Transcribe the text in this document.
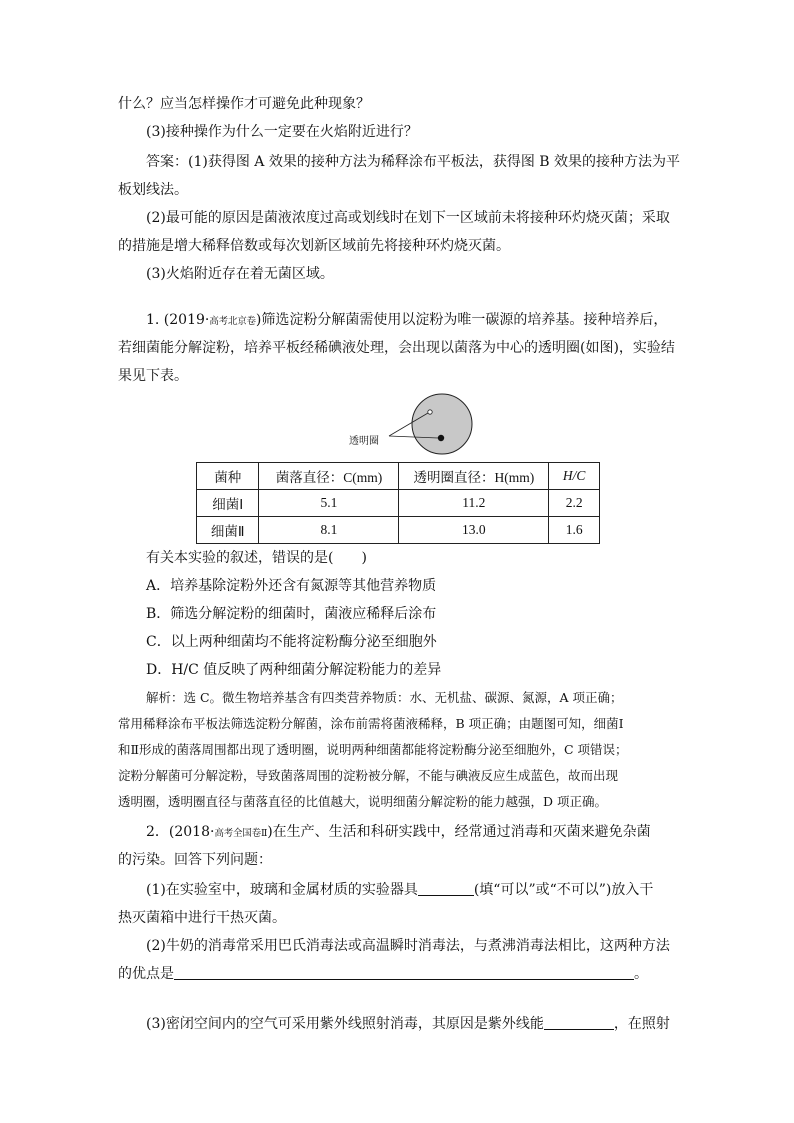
什么？应当怎样操作才可避免此种现象？
(3)接种操作为什么一定要在火焰附近进行？
答案：(1)获得图 A 效果的接种方法为稀释涂布平板法，获得图 B 效果的接种方法为平
板划线法。
(2)最可能的原因是菌液浓度过高或划线时在划下一区域前未将接种环灼烧灭菌；采取
的措施是增大稀释倍数或每次划新区域前先将接种环灼烧灭菌。
(3)火焰附近存在着无菌区域。
1. (2019·高考北京卷)筛选淀粉分解菌需使用以淀粉为唯一碳源的培养基。接种培养后，
若细菌能分解淀粉，培养平板经稀碘液处理，会出现以菌落为中心的透明圈(如图)，实验结
果见下表。
透明圈
菌种	菌落直径：C(mm)	透明圈直径：H(mm)	H/C
细菌Ⅰ	5.1	11.2	2.2
细菌Ⅱ	8.1	13.0	1.6
有关本实验的叙述，错误的是(　　)
A．培养基除淀粉外还含有氮源等其他营养物质
B．筛选分解淀粉的细菌时，菌液应稀释后涂布
C．以上两种细菌均不能将淀粉酶分泌至细胞外
D．H/C 值反映了两种细菌分解淀粉能力的差异
解析：选 C。微生物培养基含有四类营养物质：水、无机盐、碳源、氮源，A 项正确；
常用稀释涂布平板法筛选淀粉分解菌，涂布前需将菌液稀释，B 项正确；由题图可知，细菌Ⅰ
和Ⅱ形成的菌落周围都出现了透明圈，说明两种细菌都能将淀粉酶分泌至细胞外，C 项错误；
淀粉分解菌可分解淀粉，导致菌落周围的淀粉被分解，不能与碘液反应生成蓝色，故而出现
透明圈，透明圈直径与菌落直径的比值越大，说明细菌分解淀粉的能力越强，D 项正确。
2．(2018·高考全国卷Ⅱ)在生产、生活和科研实践中，经常通过消毒和灭菌来避免杂菌
的污染。回答下列问题：
(1)在实验室中，玻璃和金属材质的实验器具	(填“可以”或“不可以”)放入干
热灭菌箱中进行干热灭菌。
(2)牛奶的消毒常采用巴氏消毒法或高温瞬时消毒法，与煮沸消毒法相比，这两种方法
的优点是	。
(3)密闭空间内的空气可采用紫外线照射消毒，其原因是紫外线能	，在照射
